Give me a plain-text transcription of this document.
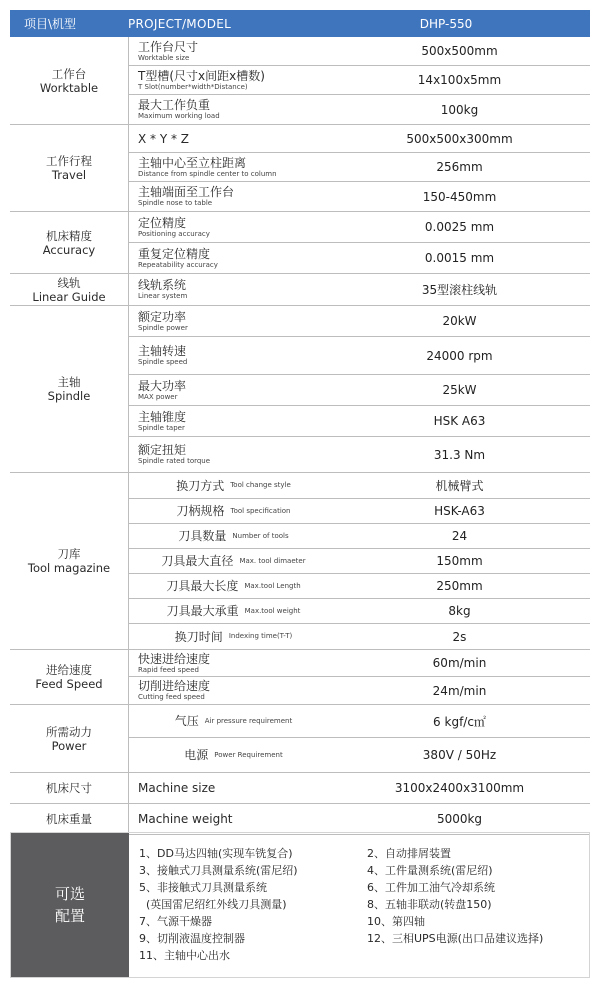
项目\机型	PROJECT/MODEL	DHP-550
工作台
Worktable
工作台尺寸
Worktable size	500x500mm
T型槽(尺寸x间距x槽数)
T Slot(number*width*Distance)	14x100x5mm
最大工作负重
Maximum working load	100kg
工作行程
Travel
X * Y * Z	500x500x300mm
主轴中心至立柱距离
Distance from spindle center to column	256mm
主轴端面至工作台
Spindle nose to table	150-450mm
机床精度
Accuracy
定位精度
Positioning accuracy	0.0025 mm
重复定位精度
Repeatability accuracy	0.0015 mm
线轨
Linear Guide
线轨系统
Linear system	35型滚柱线轨
主轴
Spindle
额定功率
Spindle power	20kW
主轴转速
Spindle speed	24000 rpm
最大功率
MAX power	25kW
主轴锥度
Spindle taper	HSK A63
额定扭矩
Spindle rated torque	31.3 Nm
刀库
Tool magazine
换刀方式 Tool change style	机械臂式
刀柄规格 Tool specification	HSK-A63
刀具数量 Number of tools	24
刀具最大直径 Max. tool dimaeter	150mm
刀具最大长度 Max.tool Length	250mm
刀具最大承重 Max.tool weight	8kg
换刀时间 Indexing time(T-T)	2s
进给速度
Feed Speed
快速进给速度
Rapid feed speed	60m/min
切削进给速度
Cutting feed speed	24m/min
所需动力
Power
气压 Air pressure requirement	6 kgf/c㎡
电源 Power Requirement	380V / 50Hz
机床尺寸	Machine size	3100x2400x3100mm
机床重量	Machine weight	5000kg
可选
配置
1、DD马达四轴(实现车铣复合)
3、接触式刀具测量系统(雷尼绍)
5、非接触式刀具测量系统
(英国雷尼绍红外线刀具测量)
7、气源干燥器
9、切削液温度控制器
11、主轴中心出水
2、自动排屑装置
4、工件量测系统(雷尼绍)
6、工件加工油气冷却系统
8、五轴非联动(转盘150)
10、第四轴
12、三相UPS电源(出口品建议选择)
